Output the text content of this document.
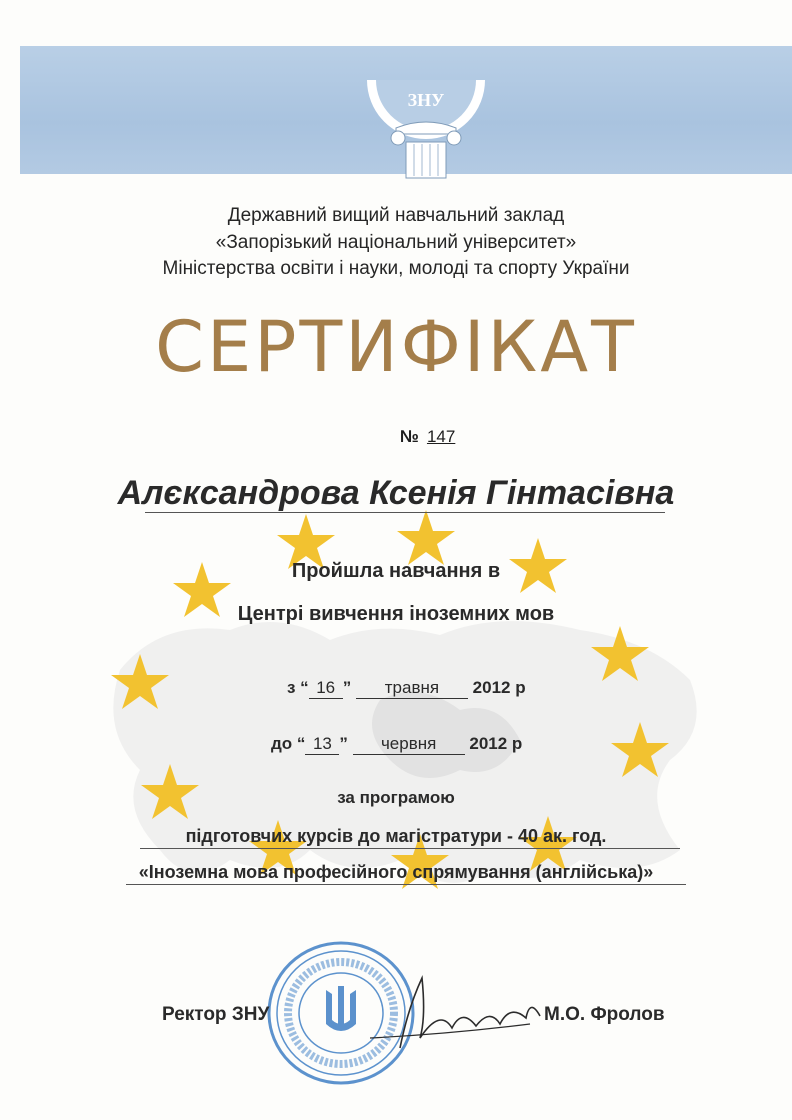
ЗНУ

Державний вищий навчальний заклад

«Запорізький національний університет»

Міністерства освіти і науки, молоді та спорту України

СЕРТИФІКАТ

№ 147

Алєксандрова Ксенія Гінтасівна

Пройшла навчання в

Центрі вивчення іноземних мов

з “ 16 ” травня 2012 р
до “ 13 ” червня 2012 р

за програмою

підготовчих курсів до магістратури - 40 ак. год.

«Іноземна мова професійного спрямування (англійська)»

Ректор ЗНУ	М.О. Фролов
